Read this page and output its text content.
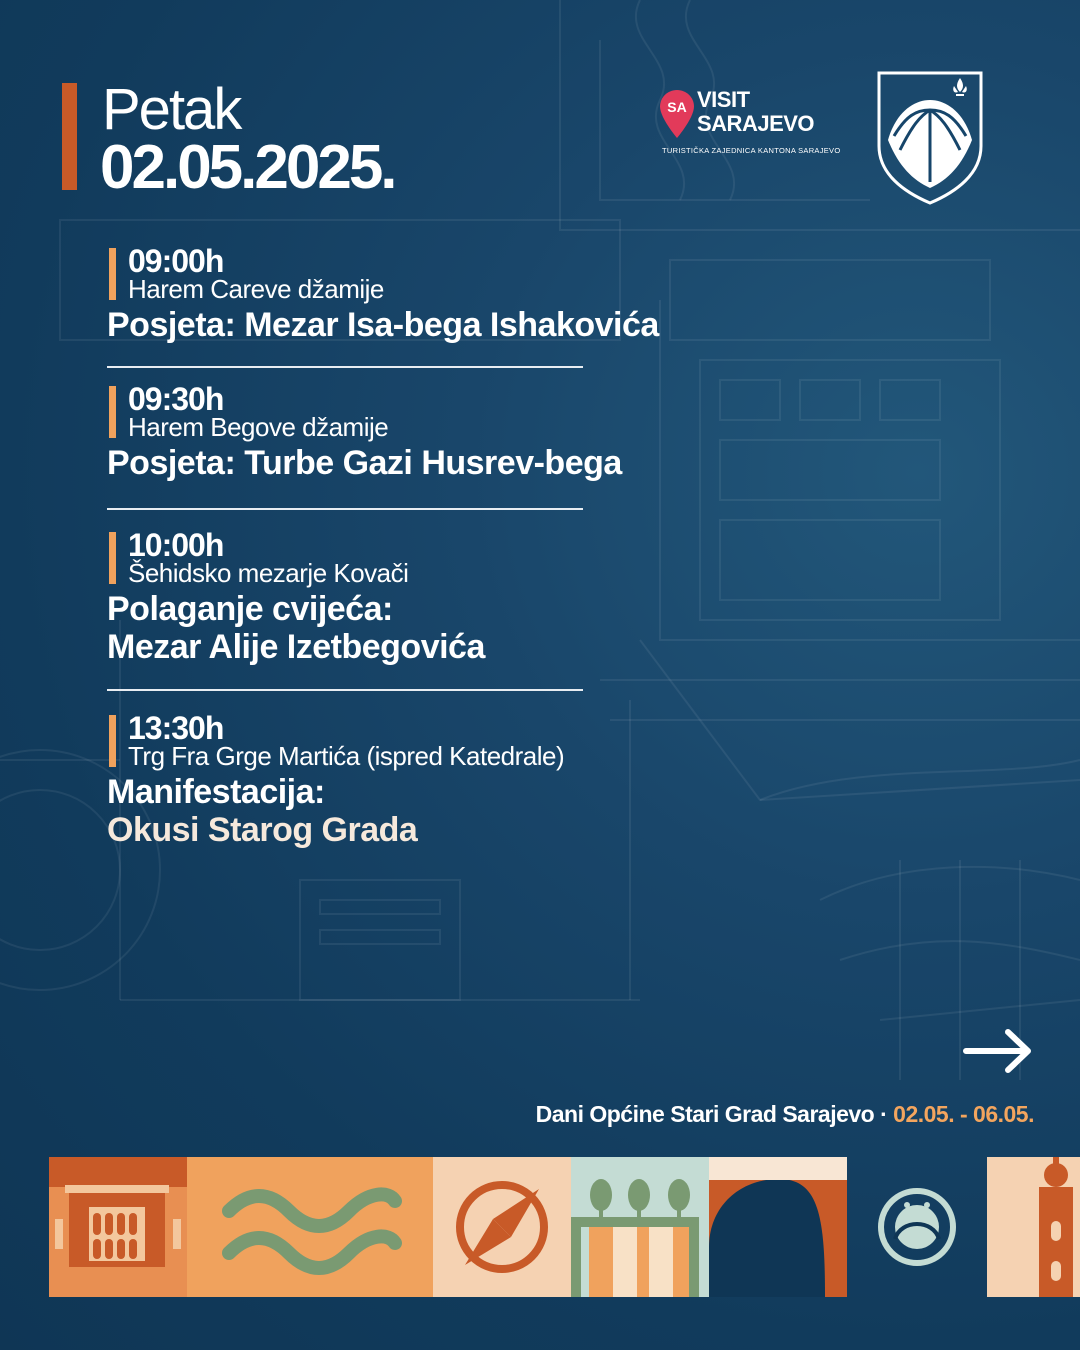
Petak
02.05.2025.
SA VISIT
SARAJEVO
TURISTIČKA ZAJEDNICA KANTONA SARAJEVO
09:00h
Harem Careve džamije
Posjeta: Mezar Isa-bega Ishakovića
09:30h
Harem Begove džamije
Posjeta: Turbe Gazi Husrev-bega
10:00h
Šehidsko mezarje Kovači
Polaganje cvijeća:
Mezar Alije Izetbegovića
13:30h
Trg Fra Grge Martića (ispred Katedrale)
Manifestacija:
Okusi Starog Grada
Dani Općine Stari Grad Sarajevo · 02.05. - 06.05.
